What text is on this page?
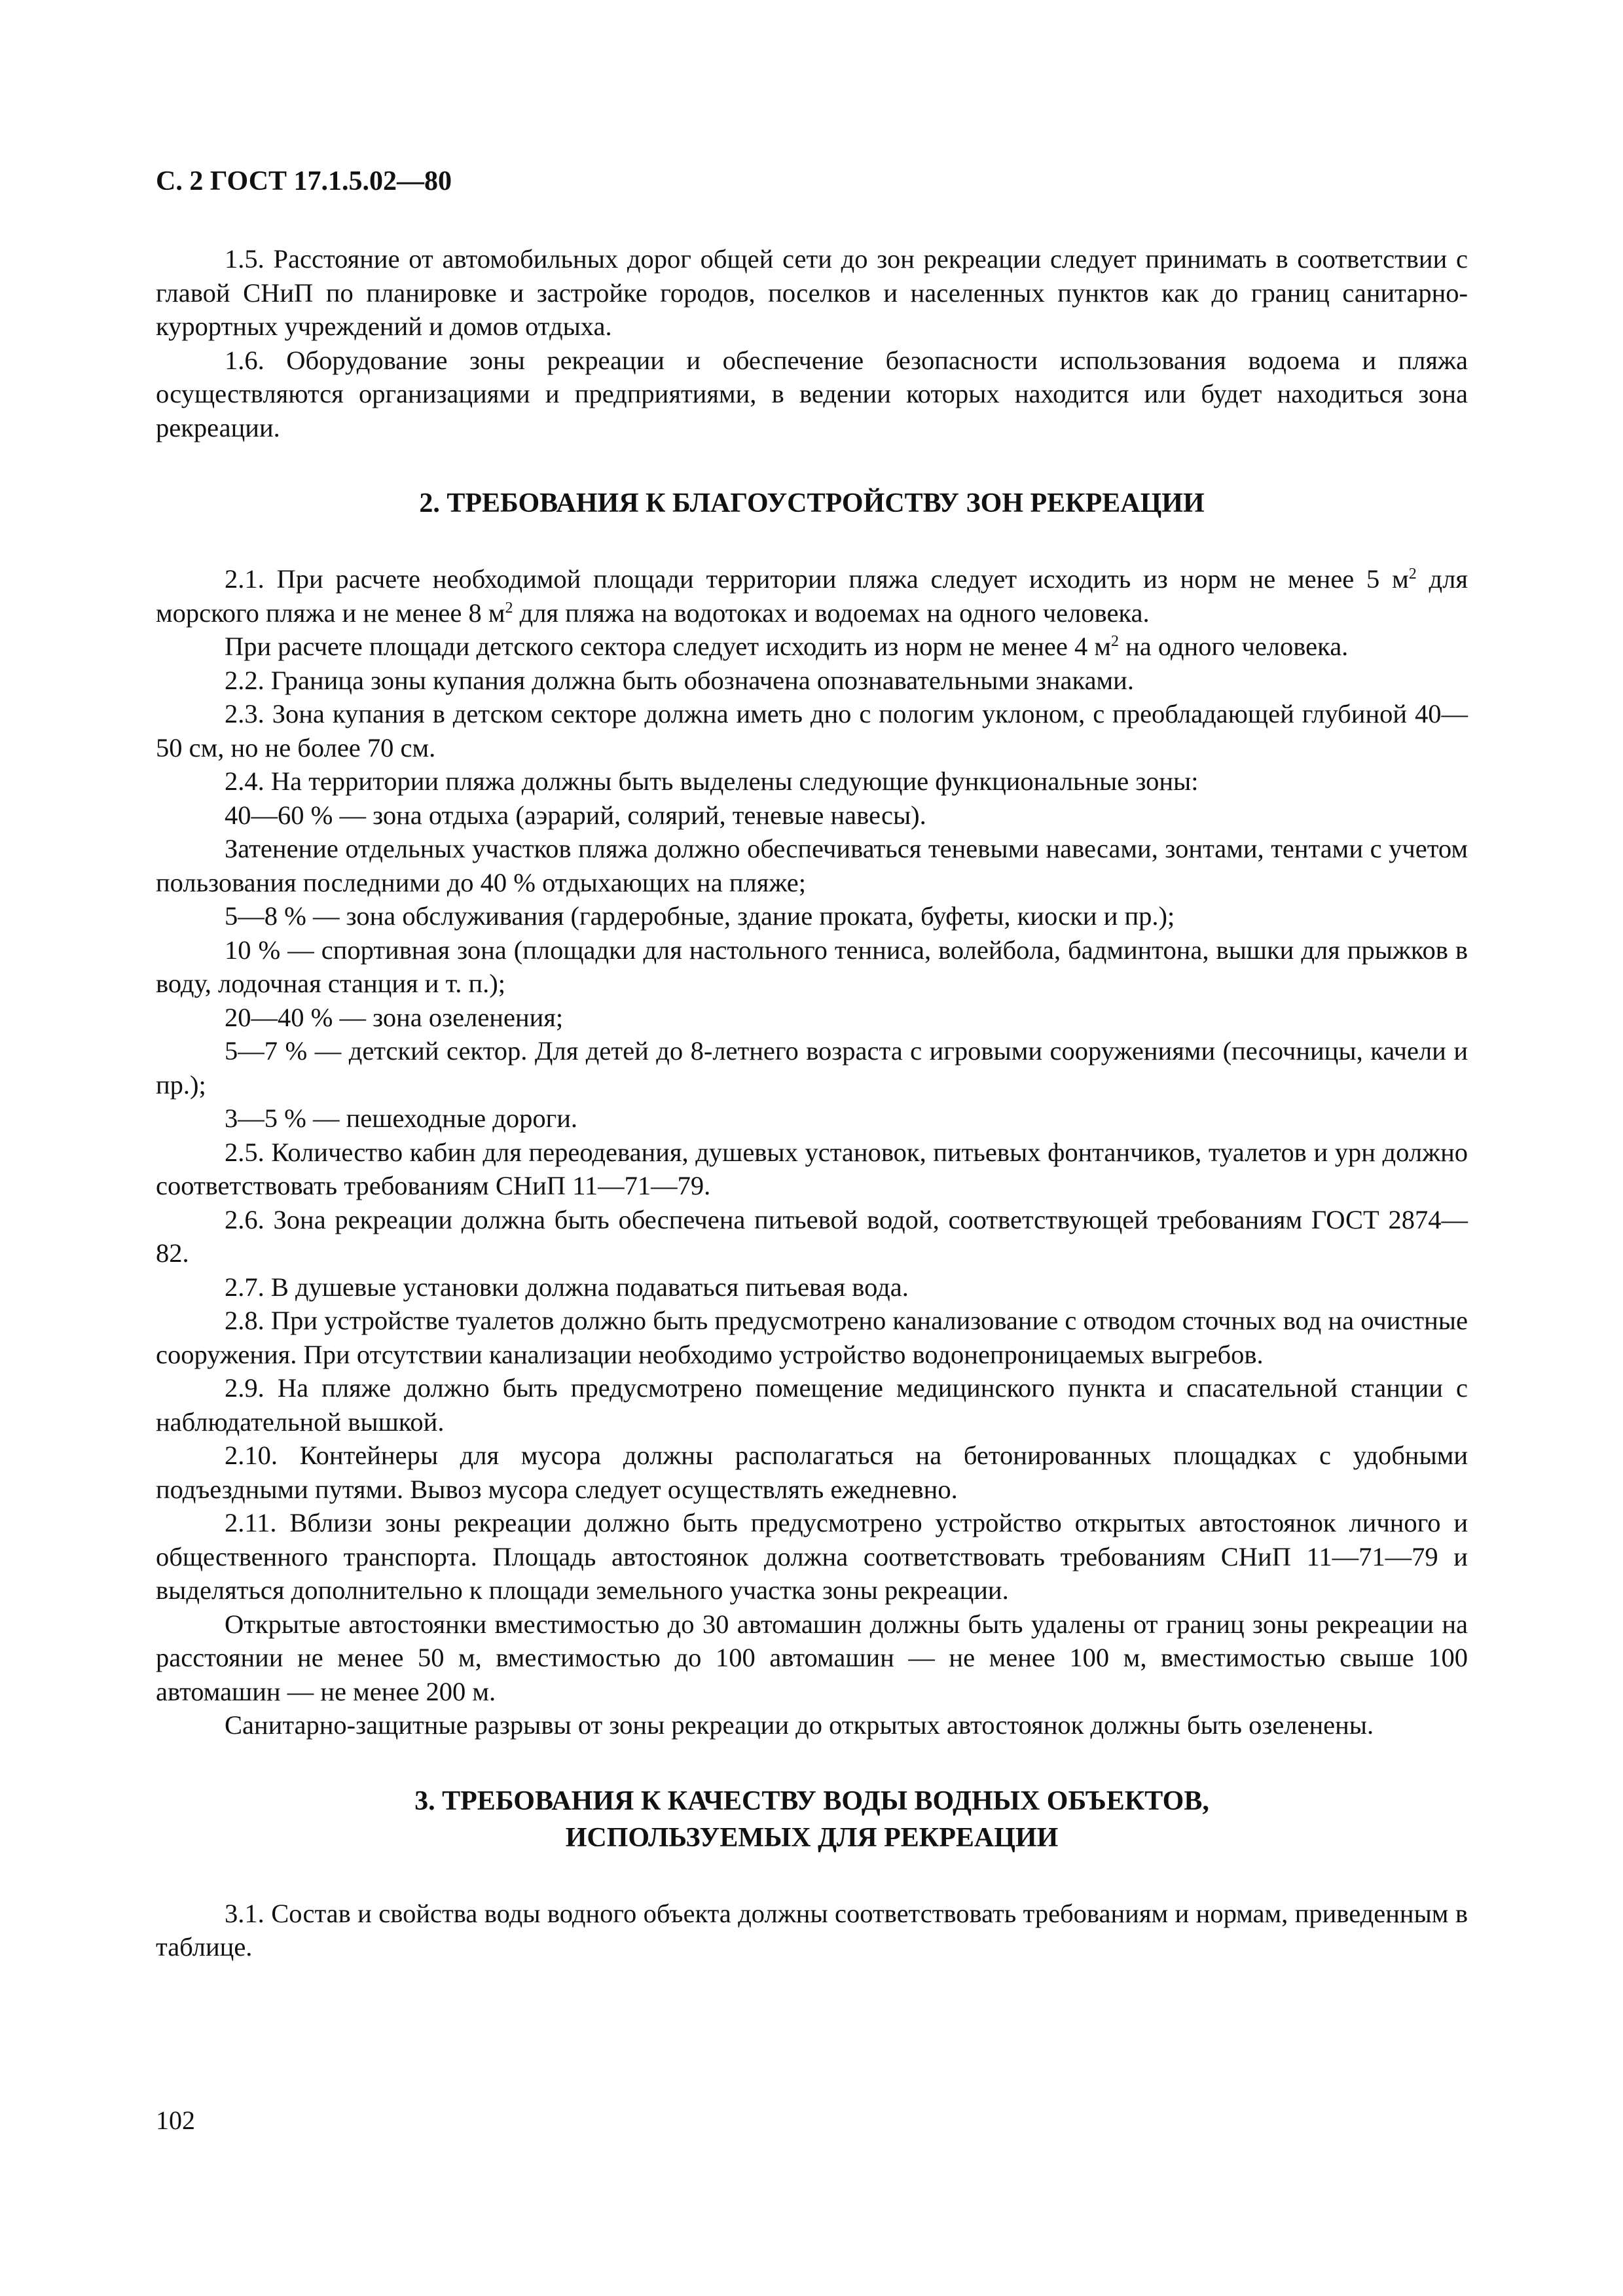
С. 2 ГОСТ 17.1.5.02—80

1.5. Расстояние от автомобильных дорог общей сети до зон рекреации следует принимать в соответствии с главой СНиП по планировке и застройке городов, поселков и населенных пунктов как до границ санитарно-курортных учреждений и домов отдыха.

1.6. Оборудование зоны рекреации и обеспечение безопасности использования водоема и пляжа осуществляются организациями и предприятиями, в ведении которых находится или будет находиться зона рекреации.

2. ТРЕБОВАНИЯ К БЛАГОУСТРОЙСТВУ ЗОН РЕКРЕАЦИИ

2.1. При расчете необходимой площади территории пляжа следует исходить из норм не менее 5 $м^2$ для морского пляжа и не менее 8 $м^2$ для пляжа на водотоках и водоемах на одного человека.

При расчете площади детского сектора следует исходить из норм не менее 4 $м^2$ на одного человека.

2.2. Граница зоны купания должна быть обозначена опознавательными знаками.

2.3. Зона купания в детском секторе должна иметь дно с пологим уклоном, с преобладающей глубиной 40—50 см, но не более 70 см.

2.4. На территории пляжа должны быть выделены следующие функциональные зоны:

40—60 % — зона отдыха (аэрарий, солярий, теневые навесы).

Затенение отдельных участков пляжа должно обеспечиваться теневыми навесами, зонтами, тентами с учетом пользования последними до 40 % отдыхающих на пляже;

5—8 % — зона обслуживания (гардеробные, здание проката, буфеты, киоски и пр.);

10 % — спортивная зона (площадки для настольного тенниса, волейбола, бадминтона, вышки для прыжков в воду, лодочная станция и т. п.);

20—40 % — зона озеленения;

5—7 % — детский сектор. Для детей до 8-летнего возраста с игровыми сооружениями (песочницы, качели и пр.);

3—5 % — пешеходные дороги.

2.5. Количество кабин для переодевания, душевых установок, питьевых фонтанчиков, туалетов и урн должно соответствовать требованиям СНиП 11—71—79.

2.6. Зона рекреации должна быть обеспечена питьевой водой, соответствующей требованиям ГОСТ 2874—82.

2.7. В душевые установки должна подаваться питьевая вода.

2.8. При устройстве туалетов должно быть предусмотрено канализование с отводом сточных вод на очистные сооружения. При отсутствии канализации необходимо устройство водонепроницаемых выгребов.

2.9. На пляже должно быть предусмотрено помещение медицинского пункта и спасательной станции с наблюдательной вышкой.

2.10. Контейнеры для мусора должны располагаться на бетонированных площадках с удобными подъездными путями. Вывоз мусора следует осуществлять ежедневно.

2.11. Вблизи зоны рекреации должно быть предусмотрено устройство открытых автостоянок личного и общественного транспорта. Площадь автостоянок должна соответствовать требованиям СНиП 11—71—79 и выделяться дополнительно к площади земельного участка зоны рекреации.

Открытые автостоянки вместимостью до 30 автомашин должны быть удалены от границ зоны рекреации на расстоянии не менее 50 м, вместимостью до 100 автомашин — не менее 100 м, вместимостью свыше 100 автомашин — не менее 200 м.

Санитарно-защитные разрывы от зоны рекреации до открытых автостоянок должны быть озеленены.

3. ТРЕБОВАНИЯ К КАЧЕСТВУ ВОДЫ ВОДНЫХ ОБЪЕКТОВ,
ИСПОЛЬЗУЕМЫХ ДЛЯ РЕКРЕАЦИИ

3.1. Состав и свойства воды водного объекта должны соответствовать требованиям и нормам, приведенным в таблице.

102
